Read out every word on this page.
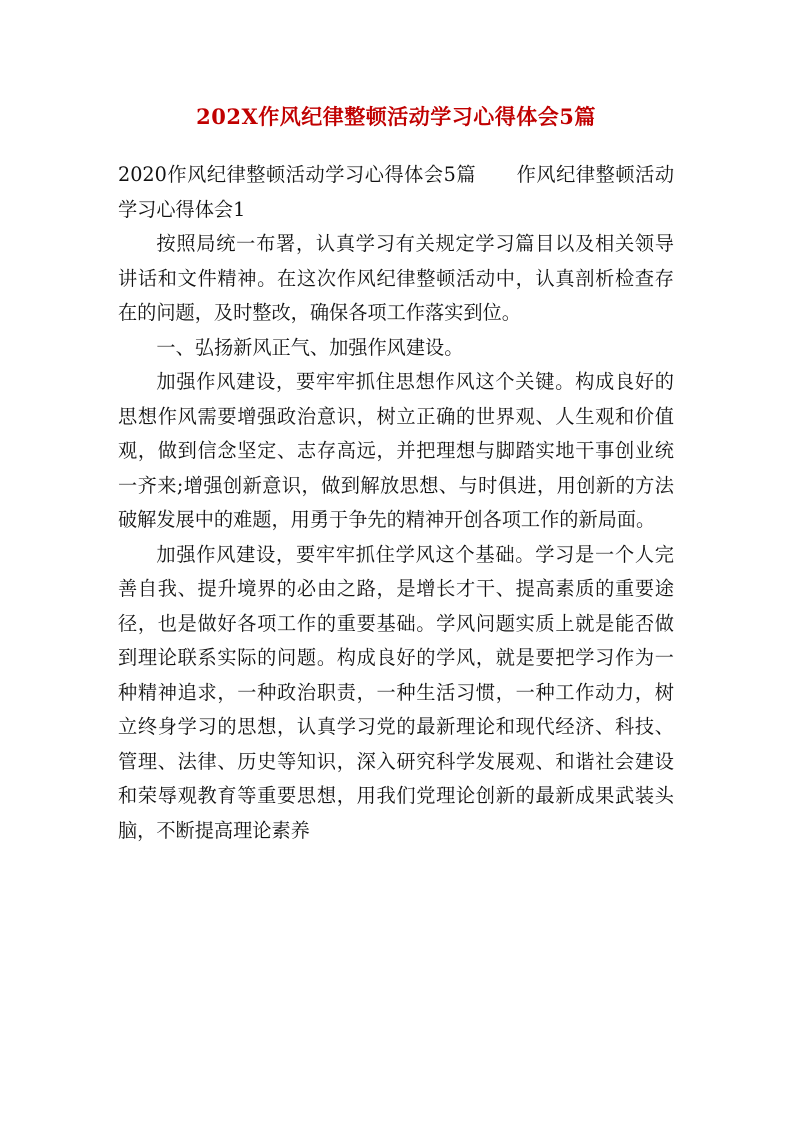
202X作风纪律整顿活动学习心得体会5篇

2020作风纪律整顿活动学习心得体会5篇 作风纪律整顿活动学习心得体会1

按照局统一布署，认真学习有关规定学习篇目以及相关领导讲话和文件精神。在这次作风纪律整顿活动中，认真剖析检查存在的问题，及时整改，确保各项工作落实到位。

一、弘扬新风正气、加强作风建设。

加强作风建设，要牢牢抓住思想作风这个关键。构成良好的思想作风需要增强政治意识，树立正确的世界观、人生观和价值观，做到信念坚定、志存高远，并把理想与脚踏实地干事创业统一齐来;增强创新意识，做到解放思想、与时俱进，用创新的方法破解发展中的难题，用勇于争先的精神开创各项工作的新局面。

加强作风建设，要牢牢抓住学风这个基础。学习是一个人完善自我、提升境界的必由之路，是增长才干、提高素质的重要途径，也是做好各项工作的重要基础。学风问题实质上就是能否做到理论联系实际的问题。构成良好的学风，就是要把学习作为一种精神追求，一种政治职责，一种生活习惯，一种工作动力，树立终身学习的思想，认真学习党的最新理论和现代经济、科技、管理、法律、历史等知识，深入研究科学发展观、和谐社会建设和荣辱观教育等重要思想，用我们党理论创新的最新成果武装头脑，不断提高理论素养
